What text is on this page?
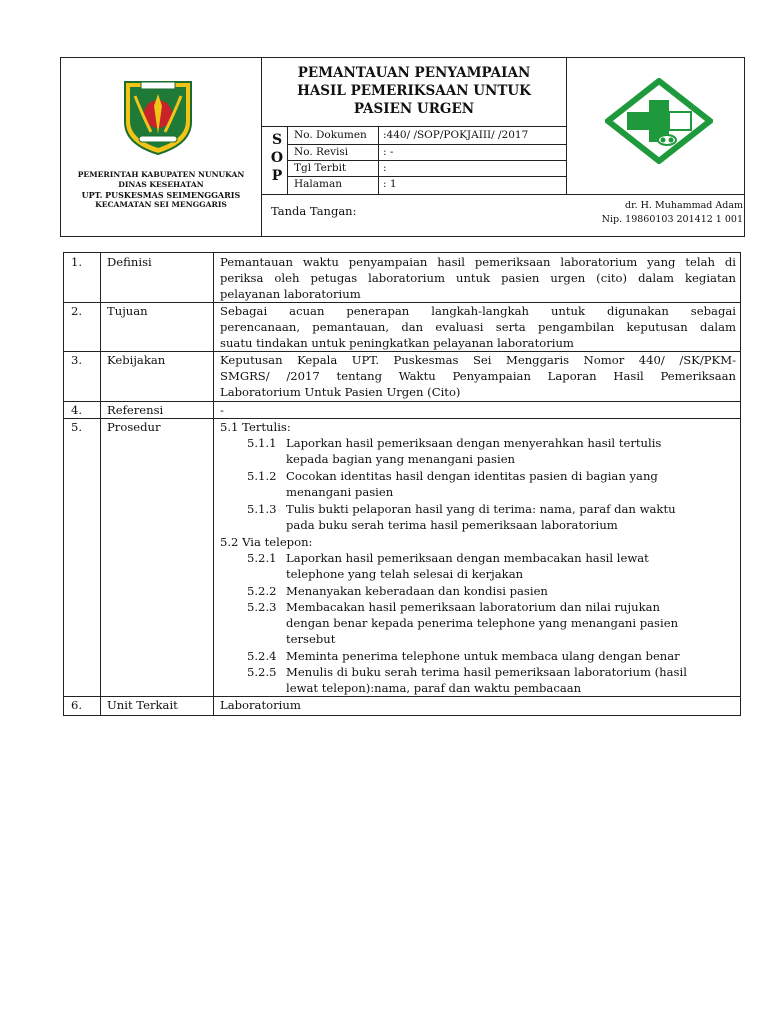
PEMERINTAH KABUPATEN NUNUKAN
DINAS KESEHATAN
UPT. PUSKESMAS SEIMENGGARIS
KECAMATAN SEI MENGGARIS
PEMANTAUAN PENYAMPAIAN
HASIL PEMERIKSAAN UNTUK
PASIEN URGEN
S
O
P
No. Dokumen :440/ /SOP/POKJAIII/ /2017
No. Revisi	: -
Tgl Terbit	:
Halaman	: 1
Tanda Tangan:	dr. H. Muhammad Adam
Nip. 19860103 201412 1 001
1. Definisi	Pemantauan waktu penyampaian hasil pemeriksaan laboratorium yang telah di
periksa oleh petugas laboratorium untuk pasien urgen (cito) dalam kegiatan
pelayanan laboratorium
2. Tujuan	Sebagai acuan penerapan langkah-langkah untuk digunakan sebagai
perencanaan, pemantauan, dan evaluasi serta pengambilan keputusan dalam
suatu tindakan untuk peningkatkan pelayanan laboratorium
3. Kebijakan	Keputusan Kepala UPT. Puskesmas Sei Menggaris Nomor 440/ /SK/PKM-
SMGRS/ /2017 tentang Waktu Penyampaian Laporan Hasil Pemeriksaan
Laboratorium Untuk Pasien Urgen (Cito)
4. Referensi	-
5. Prosedur	5.1 Tertulis:
5.1.1 Laporkan hasil pemeriksaan dengan menyerahkan hasil tertulis
kepada bagian yang menangani pasien
5.1.2 Cocokan identitas hasil dengan identitas pasien di bagian yang
menangani pasien
5.1.3 Tulis bukti pelaporan hasil yang di terima: nama, paraf dan waktu
pada buku serah terima hasil pemeriksaan laboratorium
5.2 Via telepon:
5.2.1 Laporkan hasil pemeriksaan dengan membacakan hasil lewat
telephone yang telah selesai di kerjakan
5.2.2 Menanyakan keberadaan dan kondisi pasien
5.2.3 Membacakan hasil pemeriksaan laboratorium dan nilai rujukan
dengan benar kepada penerima telephone yang menangani pasien
tersebut
5.2.4 Meminta penerima telephone untuk membaca ulang dengan benar
5.2.5 Menulis di buku serah terima hasil pemeriksaan laboratorium (hasil
lewat telepon):nama, paraf dan waktu pembacaan
6. Unit Terkait	Laboratorium
